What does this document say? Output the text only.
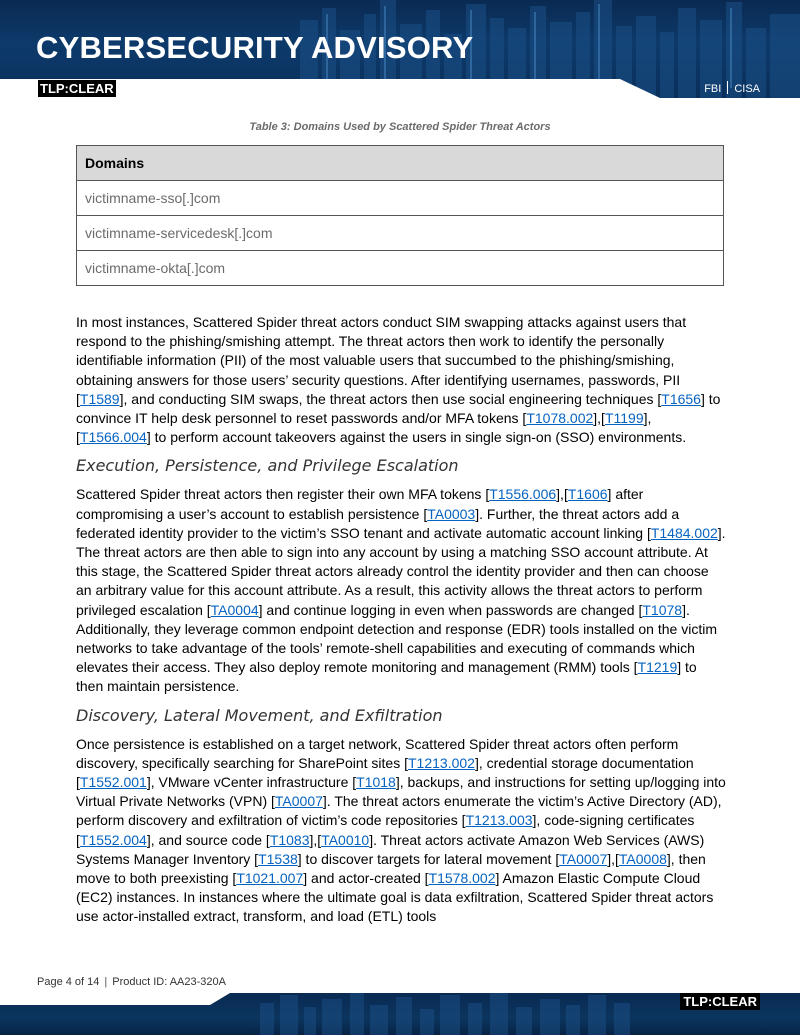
CYBERSECURITY ADVISORY
TLP:CLEAR	FBI CISA
Table 3: Domains Used by Scattered Spider Threat Actors
Domains
victimname-sso[.]com
victimname-servicedesk[.]com
victimname-okta[.]com

In most instances, Scattered Spider threat actors conduct SIM swapping attacks against users that respond to the phishing/smishing attempt. The threat actors then work to identify the personally identifiable information (PII) of the most valuable users that succumbed to the phishing/smishing, obtaining answers for those users’ security questions. After identifying usernames, passwords, PII [T1589], and conducting SIM swaps, the threat actors then use social engineering techniques [T1656] to convince IT help desk personnel to reset passwords and/or MFA tokens [T1078.002],[T1199],[T1566.004] to perform account takeovers against the users in single sign-on (SSO) environments.

Execution, Persistence, and Privilege Escalation

Scattered Spider threat actors then register their own MFA tokens [T1556.006],[T1606] after compromising a user’s account to establish persistence [TA0003]. Further, the threat actors add a federated identity provider to the victim’s SSO tenant and activate automatic account linking [T1484.002]. The threat actors are then able to sign into any account by using a matching SSO account attribute. At this stage, the Scattered Spider threat actors already control the identity provider and then can choose an arbitrary value for this account attribute. As a result, this activity allows the threat actors to perform privileged escalation [TA0004] and continue logging in even when passwords are changed [T1078]. Additionally, they leverage common endpoint detection and response (EDR) tools installed on the victim networks to take advantage of the tools’ remote-shell capabilities and executing of commands which elevates their access. They also deploy remote monitoring and management (RMM) tools [T1219] to then maintain persistence.

Discovery, Lateral Movement, and Exfiltration

Once persistence is established on a target network, Scattered Spider threat actors often perform discovery, specifically searching for SharePoint sites [T1213.002], credential storage documentation [T1552.001], VMware vCenter infrastructure [T1018], backups, and instructions for setting up/logging into Virtual Private Networks (VPN) [TA0007]. The threat actors enumerate the victim’s Active Directory (AD), perform discovery and exfiltration of victim’s code repositories [T1213.003], code-signing certificates [T1552.004], and source code [T1083],[TA0010]. Threat actors activate Amazon Web Services (AWS) Systems Manager Inventory [T1538] to discover targets for lateral movement [TA0007],[TA0008], then move to both preexisting [T1021.007] and actor-created [T1578.002] Amazon Elastic Compute Cloud (EC2) instances. In instances where the ultimate goal is data exfiltration, Scattered Spider threat actors use actor-installed extract, transform, and load (ETL) tools

Page 4 of 14 | Product ID: AA23-320A
TLP:CLEAR
